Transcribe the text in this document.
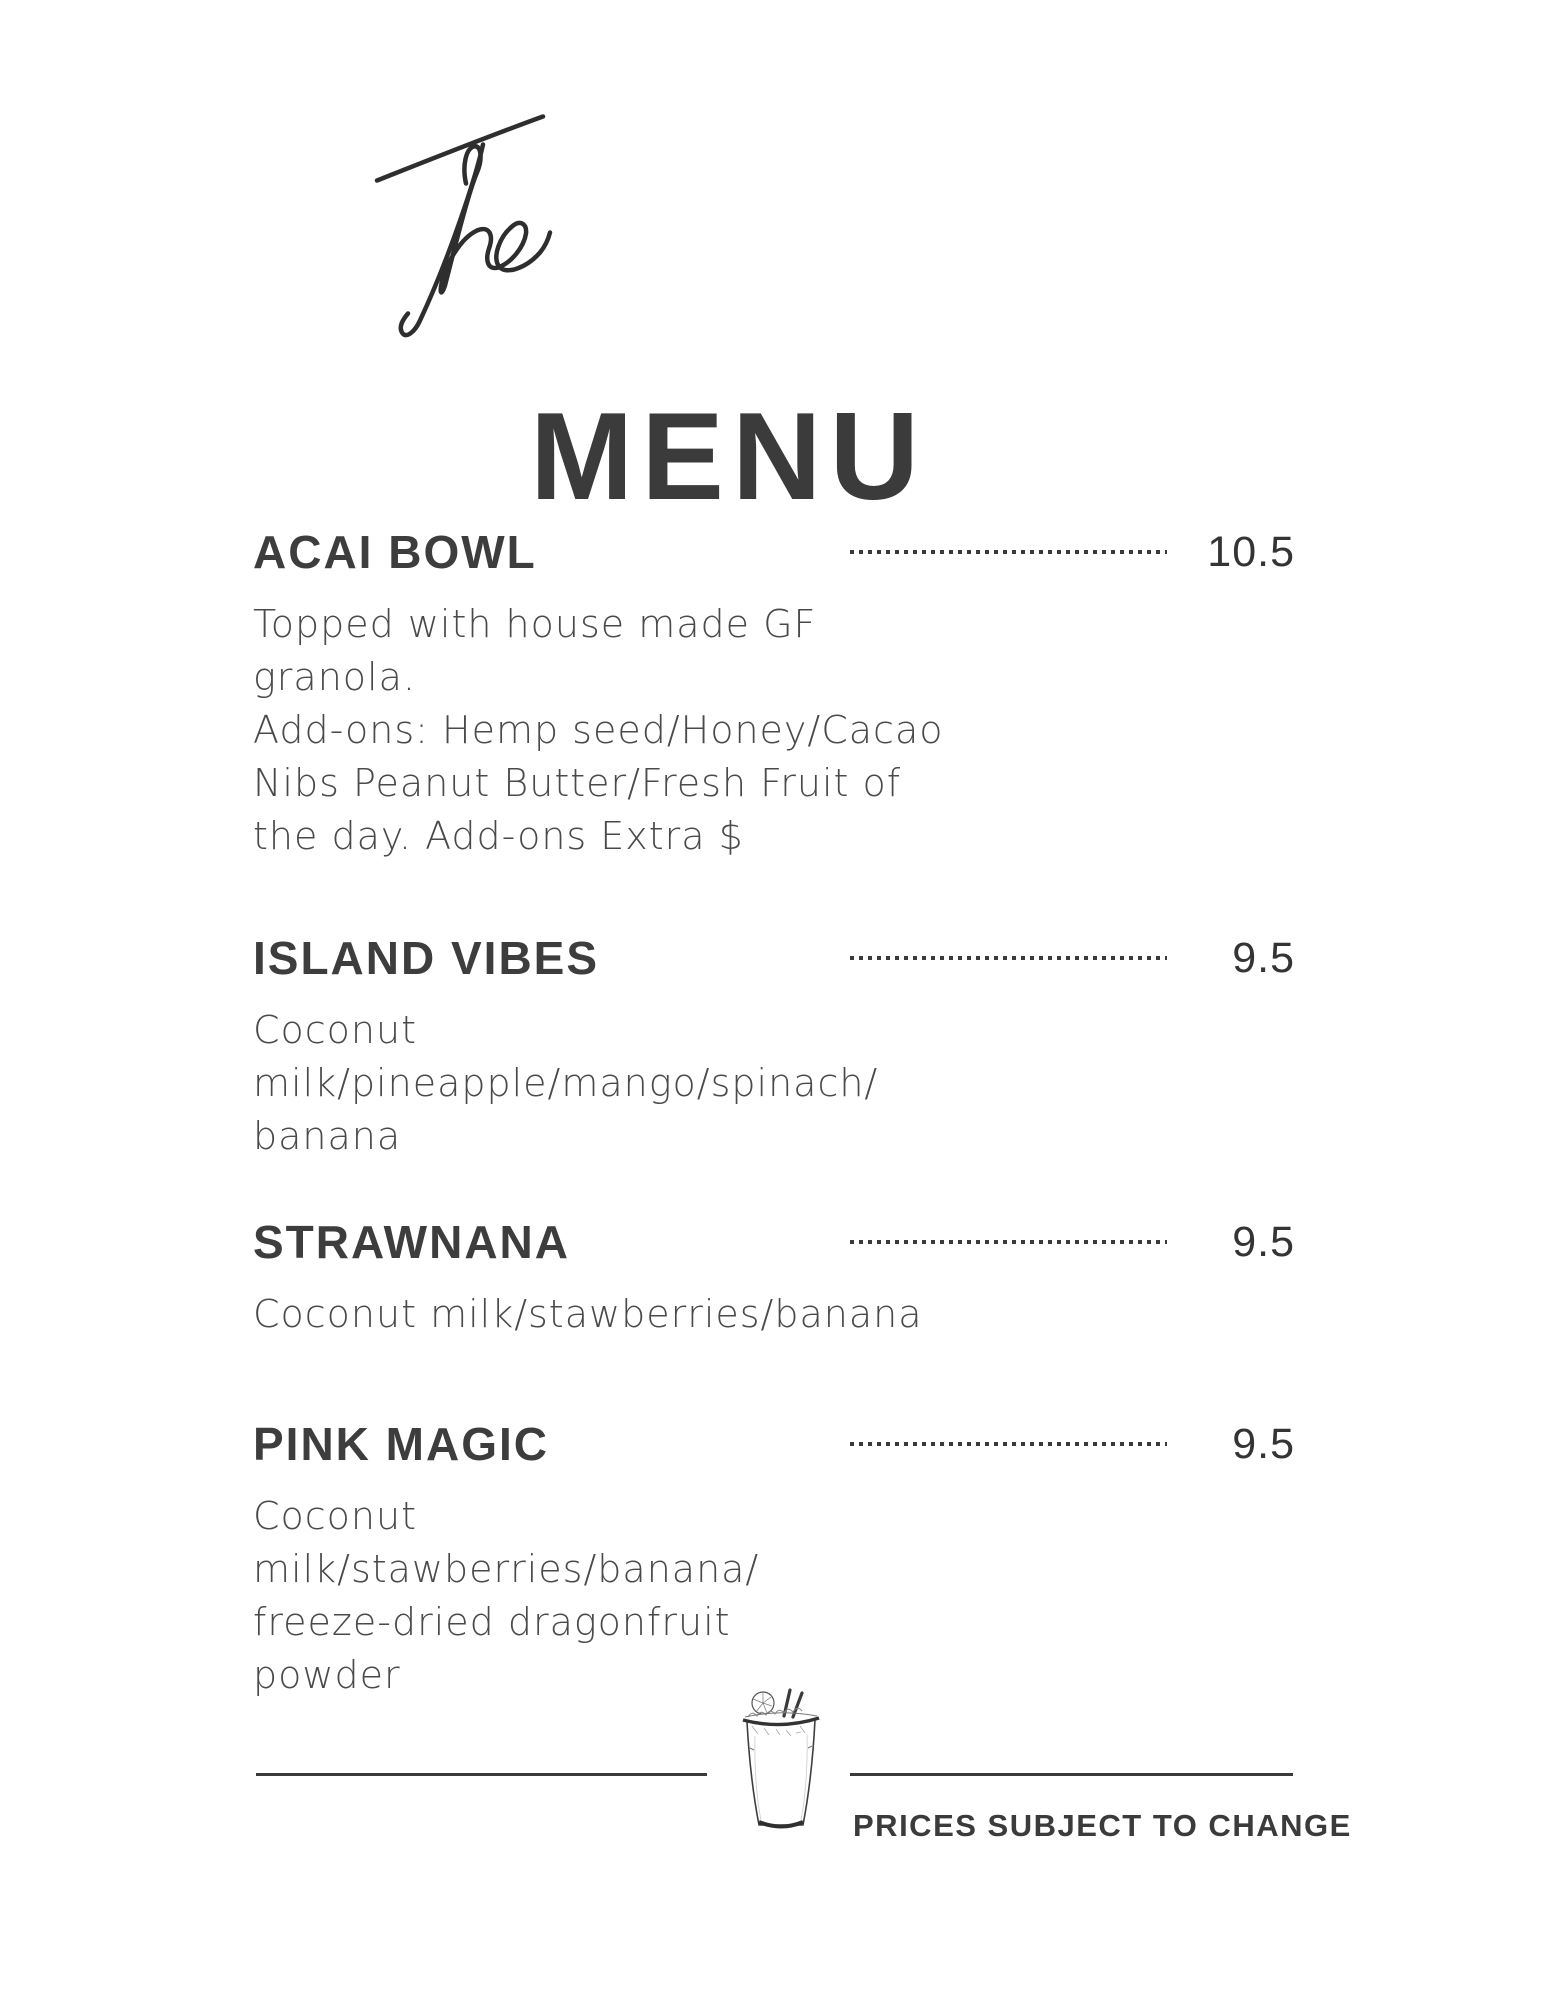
MENU
ACAI BOWL	10.5
Topped with house made GF
granola.
Add-ons: Hemp seed/Honey/Cacao
Nibs Peanut Butter/Fresh Fruit of
the day. Add-ons Extra $
ISLAND VIBES	9.5
Coconut
milk/pineapple/mango/spinach/
banana
STRAWNANA	9.5
Coconut milk/stawberries/banana
PINK MAGIC	9.5
Coconut
milk/stawberries/banana/
freeze-dried dragonfruit
powder
PRICES SUBJECT TO CHANGE
